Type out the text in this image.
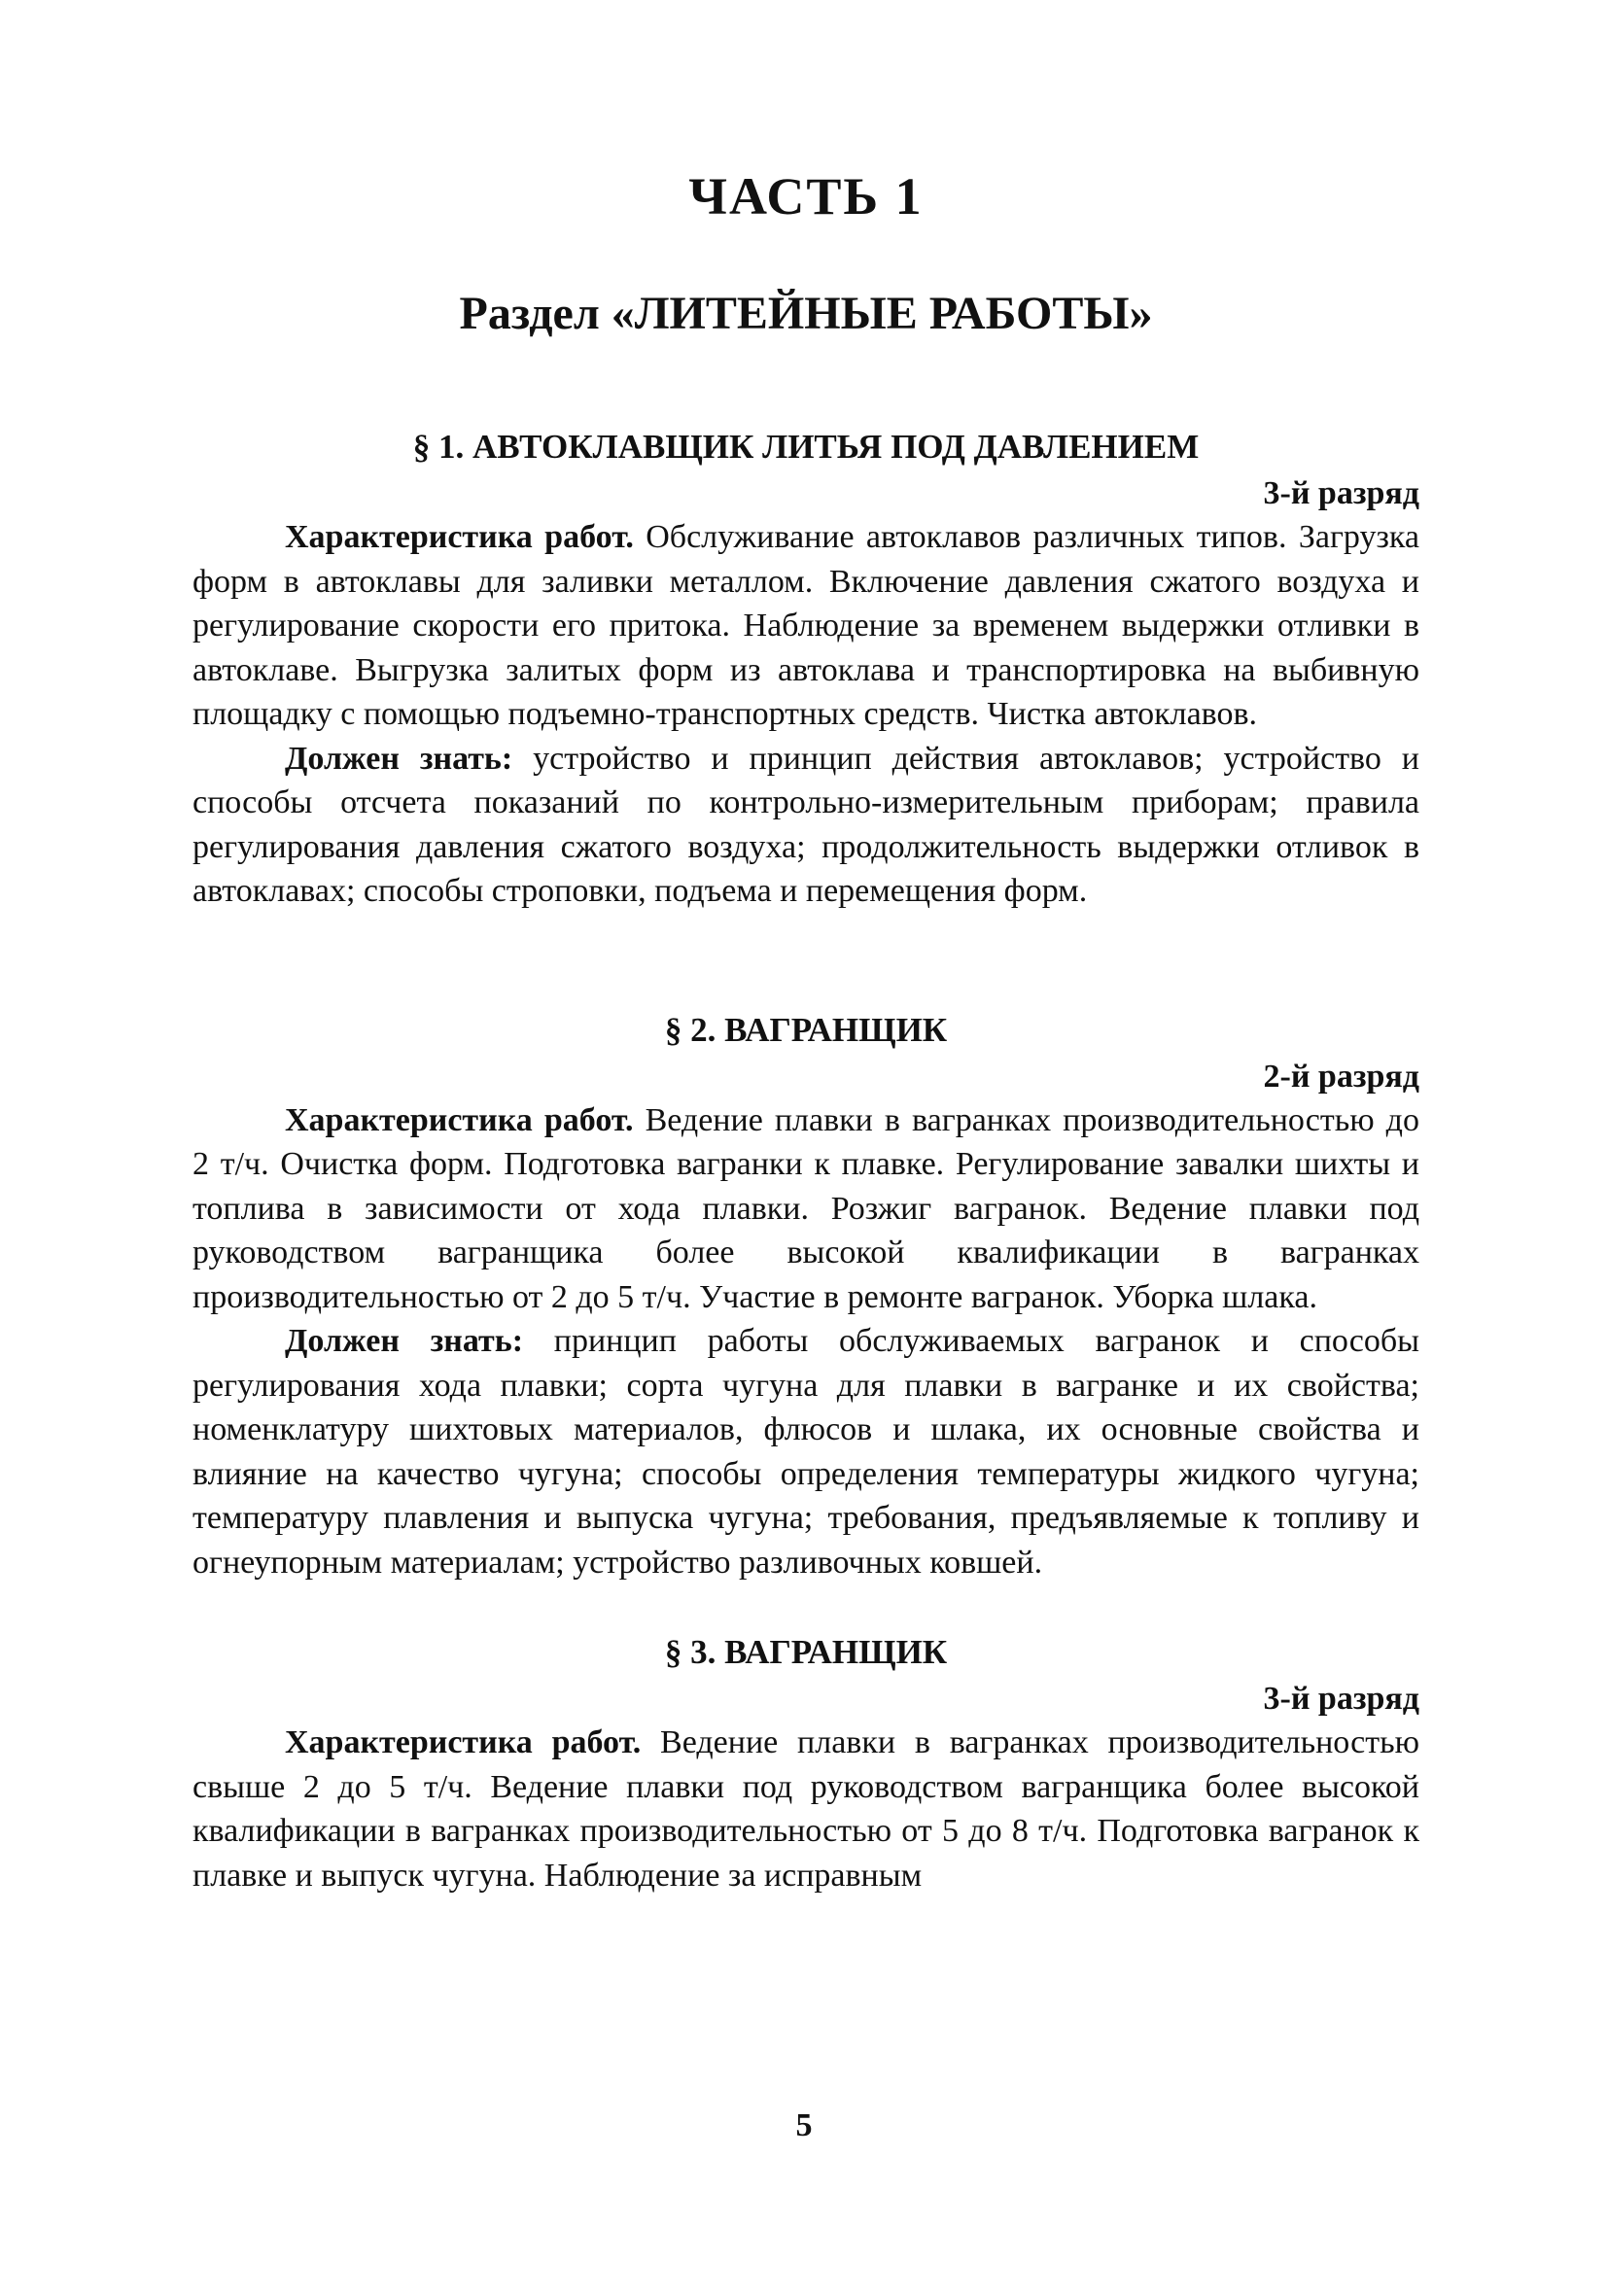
ЧАСТЬ 1
Раздел «ЛИТЕЙНЫЕ РАБОТЫ»
§ 1. АВТОКЛАВЩИК ЛИТЬЯ ПОД ДАВЛЕНИЕМ
3-й разряд

Характеристика работ. Обслуживание автоклавов различных типов. Загрузка форм в автоклавы для заливки металлом. Включение давления сжатого воздуха и регулирование скорости его притока. Наблюдение за временем выдержки отливки в автоклаве. Выгрузка залитых форм из автоклава и транспортировка на выбивную площадку с помощью подъемно-транспортных средств. Чистка автоклавов.

Должен знать: устройство и принцип действия автоклавов; устройство и способы отсчета показаний по контрольно-измерительным приборам; правила регулирования давления сжатого воздуха; продолжительность выдержки отливок в автоклавах; способы строповки, подъема и перемещения форм.

§ 2. ВАГРАНЩИК
2-й разряд

Характеристика работ. Ведение плавки в вагранках производительностью до 2 т/ч. Очистка форм. Подготовка вагранки к плавке. Регулирование завалки шихты и топлива в зависимости от хода плавки. Розжиг вагранок. Ведение плавки под руководством вагранщика более высокой квалификации в вагранках производительностью от 2 до 5 т/ч. Участие в ремонте вагранок. Уборка шлака.

Должен знать: принцип работы обслуживаемых вагранок и способы регулирования хода плавки; сорта чугуна для плавки в вагранке и их свойства; номенклатуру шихтовых материалов, флюсов и шлака, их основные свойства и влияние на качество чугуна; способы определения температуры жидкого чугуна; температуру плавления и выпуска чугуна; требования, предъявляемые к топливу и огнеупорным материалам; устройство разливочных ковшей.

§ 3. ВАГРАНЩИК
3-й разряд

Характеристика работ. Ведение плавки в вагранках производительностью свыше 2 до 5 т/ч. Ведение плавки под руководством вагранщика более высокой квалификации в вагранках производительностью от 5 до 8 т/ч. Подготовка вагранок к плавке и выпуск чугуна. Наблюдение за исправным

5
